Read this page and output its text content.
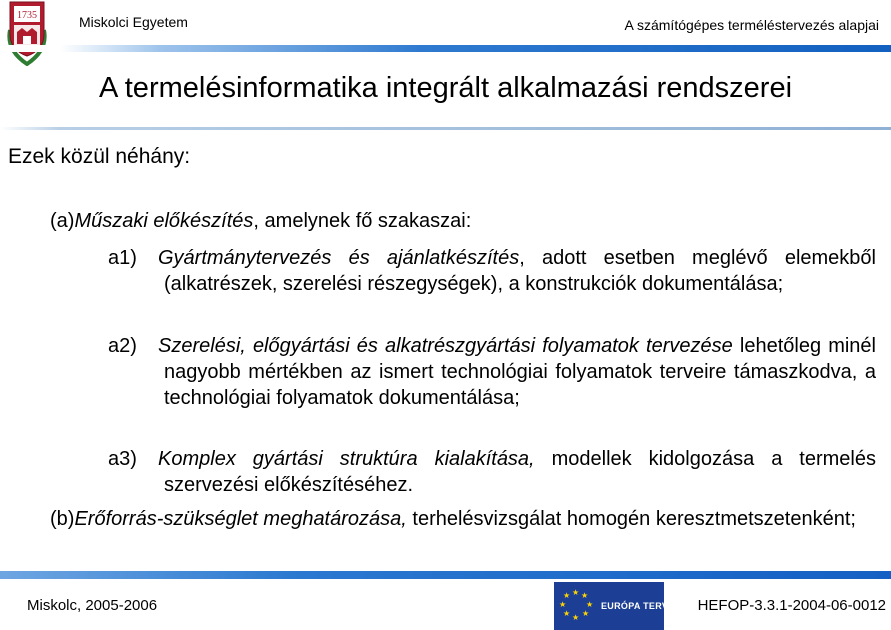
1735	Miskolci Egyetem	A számítógépes terméléstervezés alapjai
A termelésinformatika integrált alkalmazási rendszerei
Ezek közül néhány:
(a)Műszaki előkészítés, amelynek fő szakaszai:
a1) Gyártmánytervezés és ajánlatkészítés, adott esetben meglévő elemekből (alkatrészek, szerelési részegységek), a konstrukciók dokumentálása;
a2) Szerelési, előgyártási és alkatrészgyártási folyamatok tervezése lehetőleg minél nagyobb mértékben az ismert technológiai folyamatok terveire támaszkodva, a technológiai folyamatok dokumentálása;
a3) Komplex gyártási struktúra kialakítása, modellek kidolgozása a termelés szervezési előkészítéséhez.
(b)Erőforrás-szükséglet meghatározása, terhelésvizsgálat homogén keresztmetszetenként;
Miskolc, 2005-2006
★ ★
★
★
★
★
★
★
EURÓPA TERV HEFOP-3.3.1-2004-06-0012
